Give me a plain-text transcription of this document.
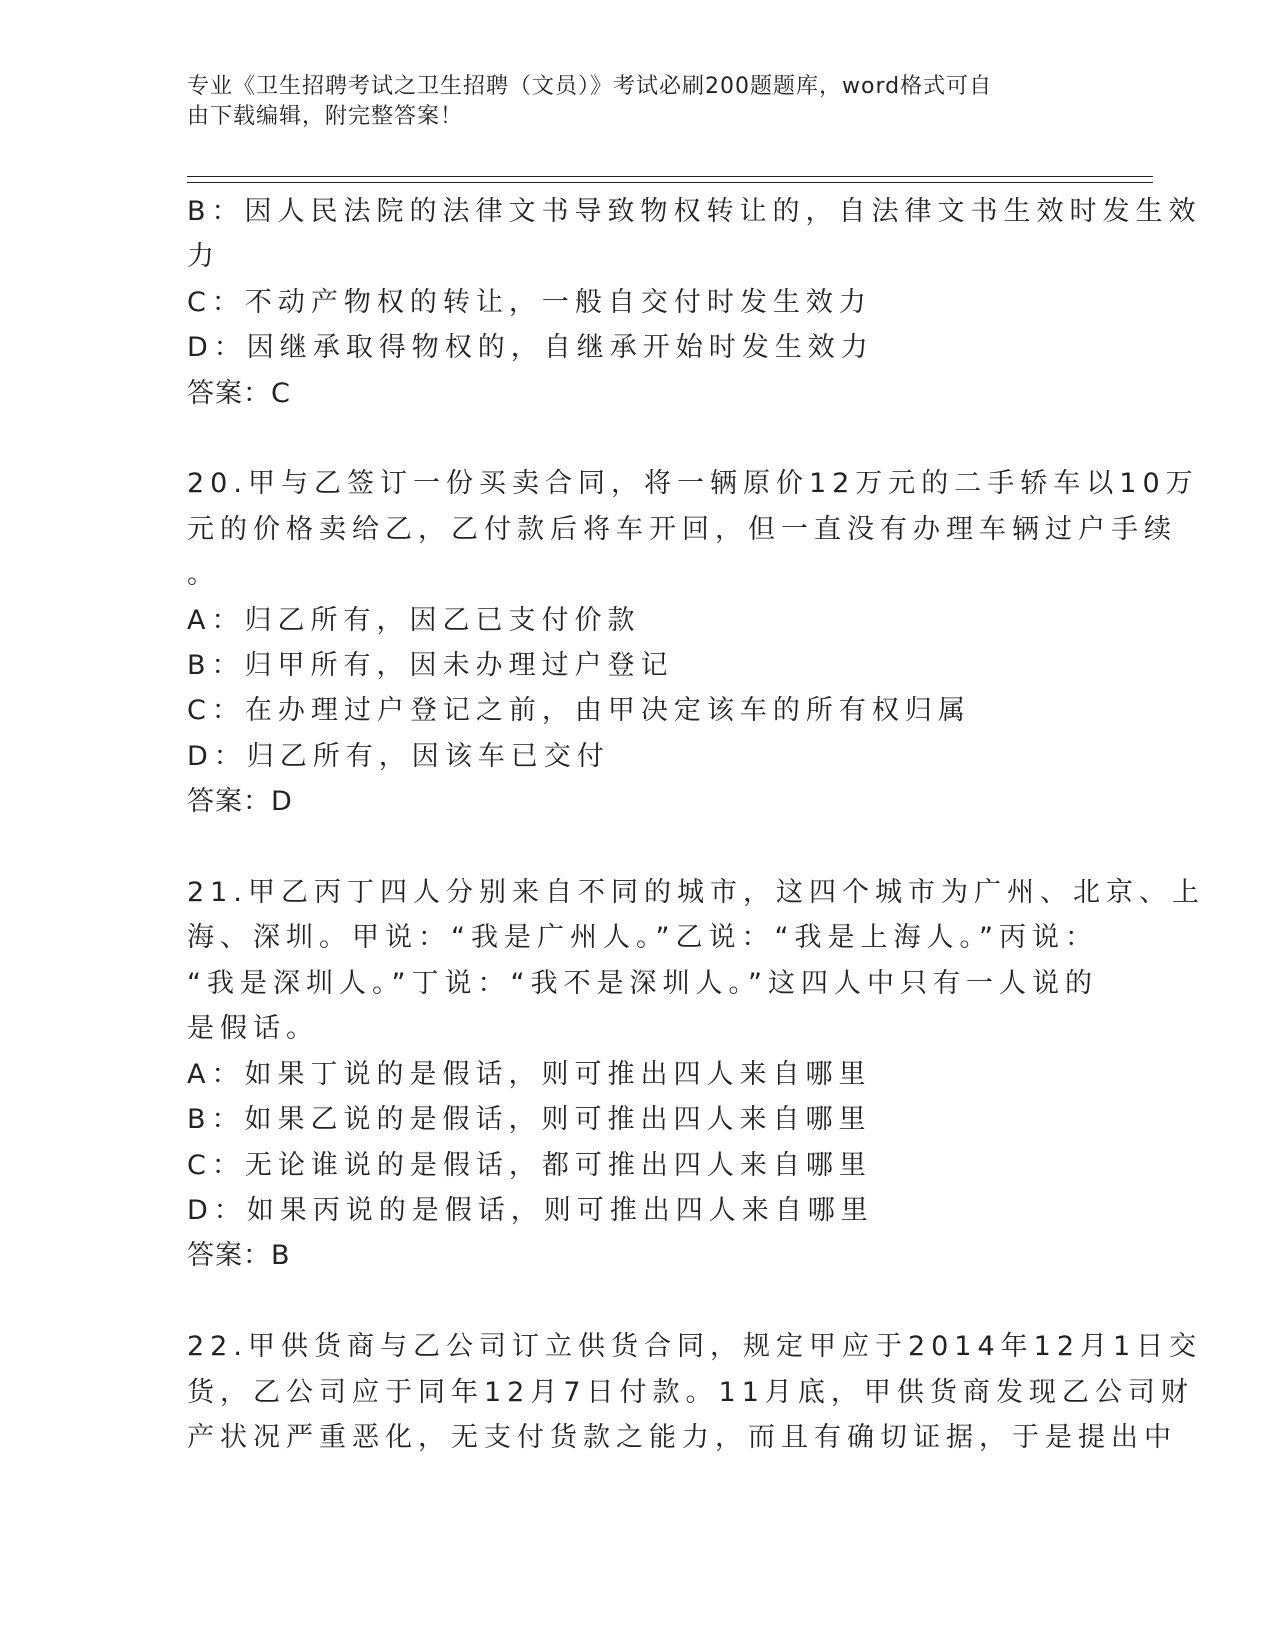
专业《卫生招聘考试之卫生招聘（文员）》考试必刷200题题库，word格式可自
由下载编辑，附完整答案！
B：因人民法院的法律文书导致物权转让的，自法律文书生效时发生效
力
C：不动产物权的转让，一般自交付时发生效力
D：因继承取得物权的，自继承开始时发生效力
答案：C
20.甲与乙签订一份买卖合同，将一辆原价12万元的二手轿车以10万
元的价格卖给乙，乙付款后将车开回，但一直没有办理车辆过户手续
。
A：归乙所有，因乙已支付价款
B：归甲所有，因未办理过户登记
C：在办理过户登记之前，由甲决定该车的所有权归属
D：归乙所有，因该车已交付
答案：D
21.甲乙丙丁四人分别来自不同的城市，这四个城市为广州、北京、上
海、深圳。甲说：“我是广州人。”乙说：“我是上海人。”丙说：
“我是深圳人。”丁说：“我不是深圳人。”这四人中只有一人说的
是假话。
A：如果丁说的是假话，则可推出四人来自哪里
B：如果乙说的是假话，则可推出四人来自哪里
C：无论谁说的是假话，都可推出四人来自哪里
D：如果丙说的是假话，则可推出四人来自哪里
答案：B
22.甲供货商与乙公司订立供货合同，规定甲应于2014年12月1日交
货，乙公司应于同年12月7日付款。11月底，甲供货商发现乙公司财
产状况严重恶化，无支付货款之能力，而且有确切证据，于是提出中
